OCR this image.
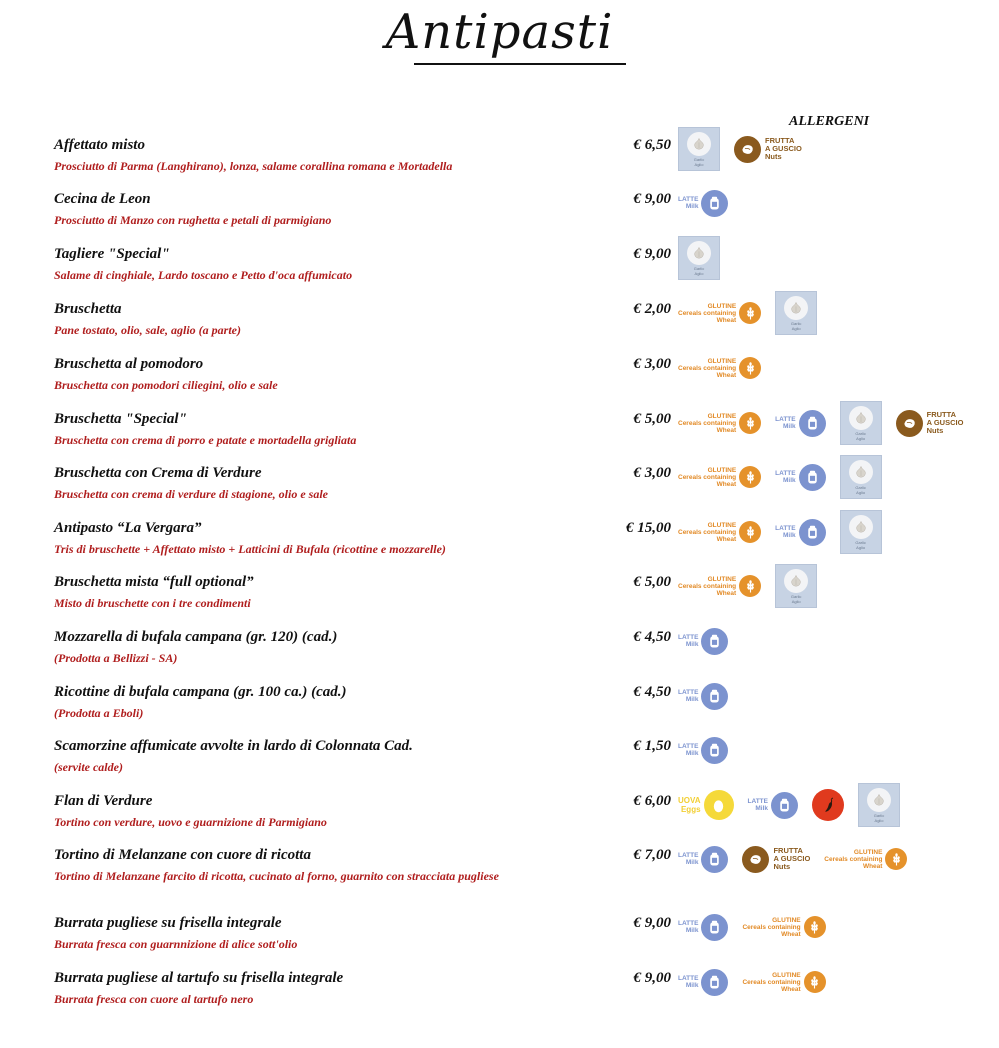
Antipasti
ALLERGENI
Affettato misto
Prosciutto di Parma (Langhirano), lonza, salame corallina romana e Mortadella
€ 6,50
Garlic
Aglio
FRUTTA
A GUSCIO
Nuts
Cecina de Leon
Prosciutto di Manzo con rughetta e petali di parmigiano
€ 9,00 LATTE
Milk
Tagliere "Special"
Salame di cinghiale, Lardo toscano e Petto d'oca affumicato
€ 9,00
Garlic
Aglio
Bruschetta
Pane tostato, olio, sale, aglio (a parte)
€ 2,00	GLUTINE
Cereals containing
Wheat	Garlic
Aglio
Bruschetta al pomodoro
Bruschetta con pomodori ciliegini, olio e sale
€ 3,00	GLUTINE
Cereals containing
Wheat
Bruschetta "Special"
Bruschetta con crema di porro e patate e mortadella grigliata
€ 5,00	GLUTINE
Cereals containing
Wheat
LATTE
Milk
Garlic
Aglio
FRUTTA
A GUSCIO
Nuts
Bruschetta con Crema di Verdure
Bruschetta con crema di verdure di stagione, olio e sale
€ 3,00	GLUTINE
Cereals containing
Wheat
LATTE
Milk
Garlic
Aglio
Antipasto “La Vergara”
Tris di bruschette + Affettato misto + Latticini di Bufala (ricottine e mozzarelle)
€ 15,00	GLUTINE
Cereals containing
Wheat
LATTE
Milk
Garlic
Aglio
Bruschetta mista “full optional”
Misto di bruschette con i tre condimenti
€ 5,00	GLUTINE
Cereals containing
Wheat	Garlic
Aglio
Mozzarella di bufala campana (gr. 120) (cad.)
(Prodotta a Bellizzi - SA)
€ 4,50 LATTE
Milk
Ricottine di bufala campana (gr. 100 ca.) (cad.)
(Prodotta a Eboli)
€ 4,50 LATTE
Milk
Scamorzine affumicate avvolte in lardo di Colonnata Cad.
(servite calde)
€ 1,50 LATTE
Milk
Flan di Verdure
Tortino con verdure, uovo e guarnizione di Parmigiano
€ 6,00 UOVA
Eggs
LATTE
Milk
Garlic
Aglio
Tortino di Melanzane con cuore di ricotta
Tortino di Melanzane farcito di ricotta, cucinato al forno, guarnito con stracciata pugliese
€ 7,00 LATTE
Milk
FRUTTA
A GUSCIO
Nuts
GLUTINE
Cereals containing
Wheat
Burrata pugliese su frisella integrale
Burrata fresca con guarnnizione di alice sott'olio
€ 9,00 LATTE
Milk
GLUTINE
Cereals containing
Wheat
Burrata pugliese al tartufo su frisella integrale
Burrata fresca con cuore al tartufo nero
€ 9,00 LATTE
Milk
GLUTINE
Cereals containing
Wheat
